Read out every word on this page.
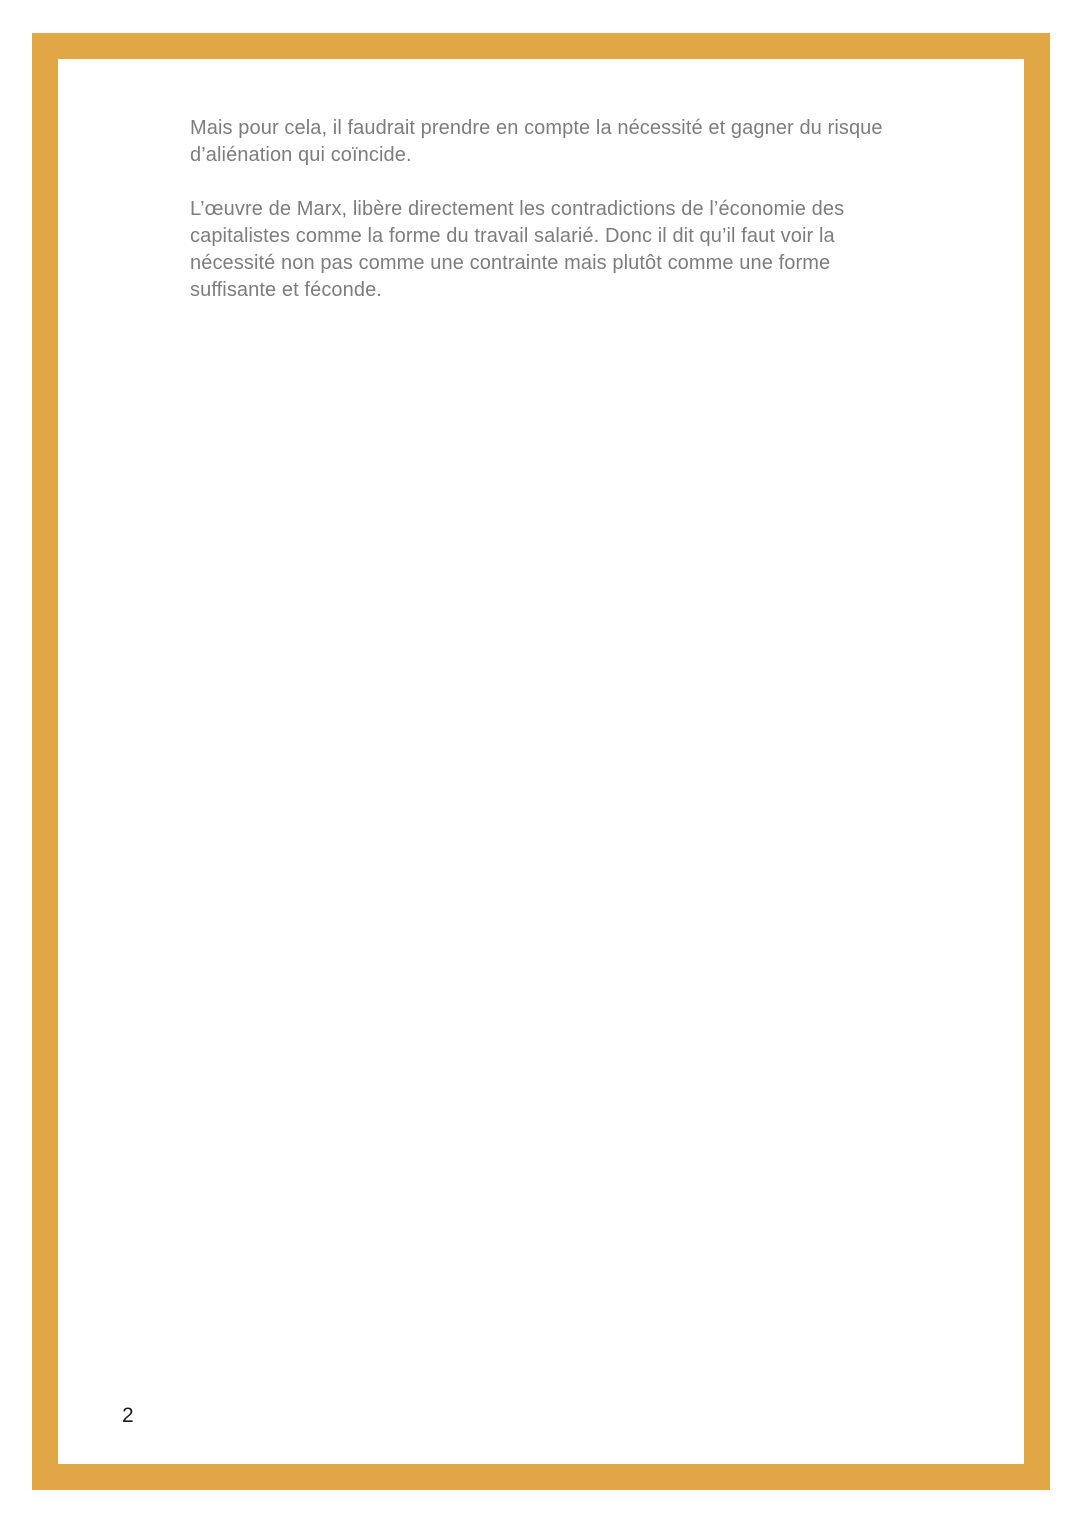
Mais pour cela, il faudrait prendre en compte la nécessité et gagner du risque
d’aliénation qui coïncide.
L’œuvre de Marx, libère directement les contradictions de l’économie des
capitalistes comme la forme du travail salarié. Donc il dit qu’il faut voir la
nécessité non pas comme une contrainte mais plutôt comme une forme
suffisante et féconde.
2
